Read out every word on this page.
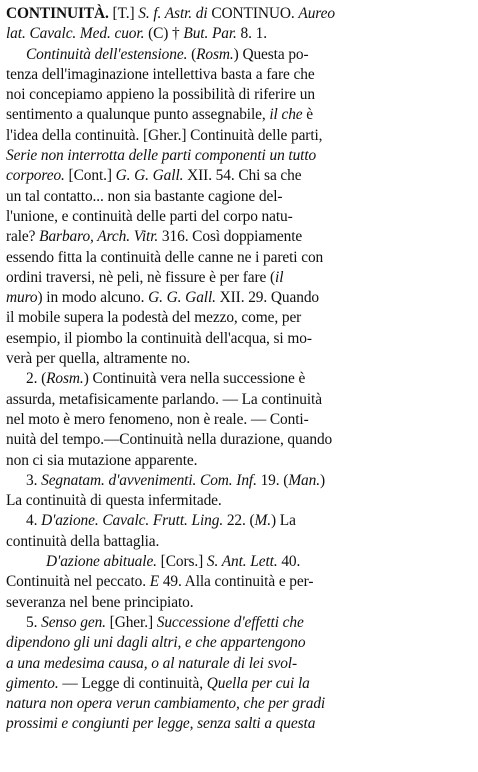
CONTINUITÀ. [T.] S. f. Astr. di CONTINUO. Aureo
lat. Cavalc. Med. cuor. (C) † But. Par. 8. 1.
Continuità dell'estensione. (Rosm.) Questa po-
tenza dell'imaginazione intellettiva basta a fare che
noi concepiamo appieno la possibilità di riferire un
sentimento a qualunque punto assegnabile, il che è
l'idea della continuità. [Gher.] Continuità delle parti,
Serie non interrotta delle parti componenti un tutto
corporeo. [Cont.] G. G. Gall. XII. 54. Chi sa che
un tal contatto... non sia bastante cagione del-
l'unione, e continuità delle parti del corpo natu-
rale? Barbaro, Arch. Vitr. 316. Così doppiamente
essendo fitta la continuità delle canne ne i pareti con
ordini traversi, nè peli, nè fissure è per fare (il
muro) in modo alcuno. G. G. Gall. XII. 29. Quando
il mobile supera la podestà del mezzo, come, per
esempio, il piombo la continuità dell'acqua, si mo-
verà per quella, altramente no.
2. (Rosm.) Continuità vera nella successione è
assurda, metafisicamente parlando. — La continuità
nel moto è mero fenomeno, non è reale. — Conti-
nuità del tempo.—Continuità nella durazione, quando
non ci sia mutazione apparente.
3. Segnatam. d'avvenimenti. Com. Inf. 19. (Man.)
La continuità di questa infermitade.
4. D'azione. Cavalc. Frutt. Ling. 22. (M.) La
continuità della battaglia.
D'azione abituale. [Cors.] S. Ant. Lett. 40.
Continuità nel peccato. E 49. Alla continuità e per-
severanza nel bene principiato.
5. Senso gen. [Gher.] Successione d'effetti che
dipendono gli uni dagli altri, e che appartengono
a una medesima causa, o al naturale di lei svol-
gimento. — Legge di continuità, Quella per cui la
natura non opera verun cambiamento, che per gradi
prossimi e congiunti per legge, senza salti a questa
